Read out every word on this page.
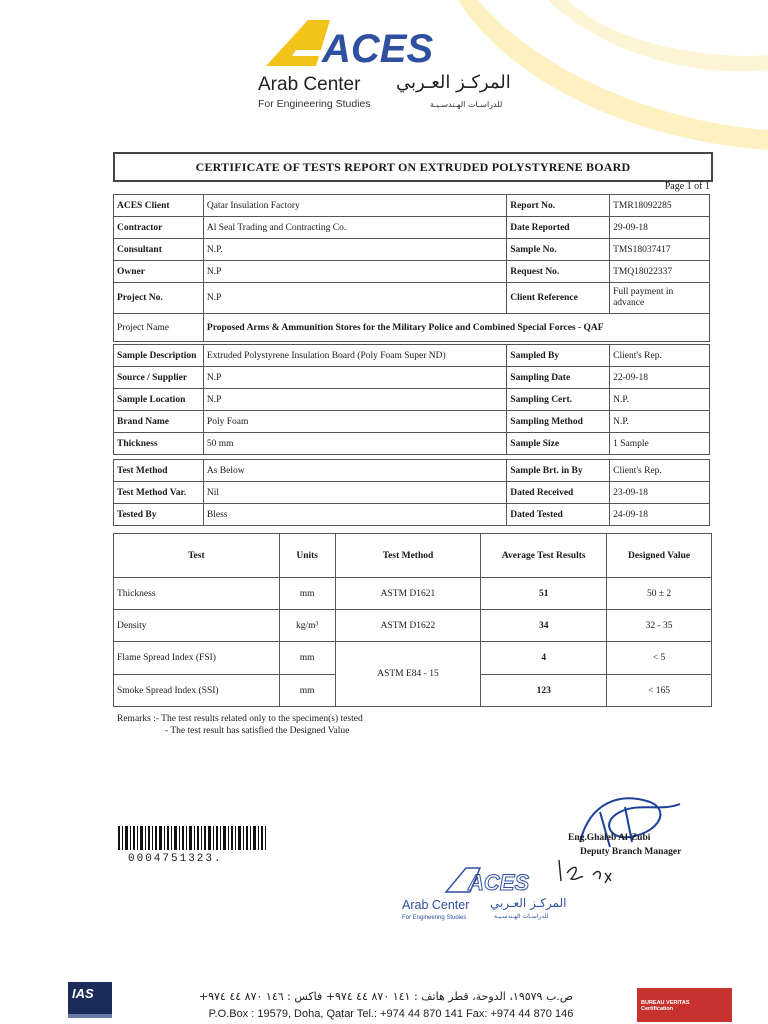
ACES
Arab Center
For Engineering Studies
المركـز العـربي
للدراسـات الهـندسـيـة
CERTIFICATE OF TESTS REPORT ON EXTRUDED POLYSTYRENE BOARD
Page 1 of 1
ACES Client	Qatar Insulation Factory	Report No.	TMR18092285
Contractor	Al Seal Trading and Contracting Co.	Date Reported	29-09-18
Consultant	N.P.	Sample No.	TMS18037417
Owner	N.P	Request No.	TMQ18022337
Project No.	N.P	Client Reference	Full payment in advance
Project Name	Proposed Arms & Ammunition Stores for the Military Police and Combined Special Forces - QAF		
Sample Description	Extruded Polystyrene Insulation Board (Poly Foam Super ND)	Sampled By	Client's Rep.
Source / Supplier	N.P	Sampling Date	22-09-18
Sample Location	N.P	Sampling Cert.	N.P.
Brand Name	Poly Foam	Sampling Method	N.P.
Thickness	50 mm	Sample Size	1 Sample
Test Method	As Below	Sample Brt. in By	Client's Rep.
Test Method Var.	Nil	Dated Received	23-09-18
Tested By	Bless	Dated Tested	24-09-18
Test	Units	Test Method	Average Test Results	Designed Value
Thickness	mm	ASTM D1621	51	50 ± 2
Density	kg/m³	ASTM D1622	34	32 - 35
Flame Spread Index (FSI)	mm	ASTM E84 - 15	4	< 5
Smoke Spread Index (SSI)	mm		123	< 165
Remarks :- The test results related only to the specimen(s) tested
- The test result has satisfied the Designed Value
0004751323.
Eng.Ghaleb Al-Zubi
Deputy Branch Manager
ACES
Arab Center
For Engineering Studies
المركـز العـربي
للدراسـات الهـندسـيـة
IAS
BUREAU VERITAS Certification
ص.ب ١٩٥٧٩، الدوحة، قطر هاتف : ١٤١ ٨٧٠ ٤٤ ٩٧٤+ فاكس : ١٤٦ ٨٧٠ ٤٤ ٩٧٤+
P.O.Box : 19579, Doha, Qatar Tel.: +974 44 870 141 Fax: +974 44 870 146
